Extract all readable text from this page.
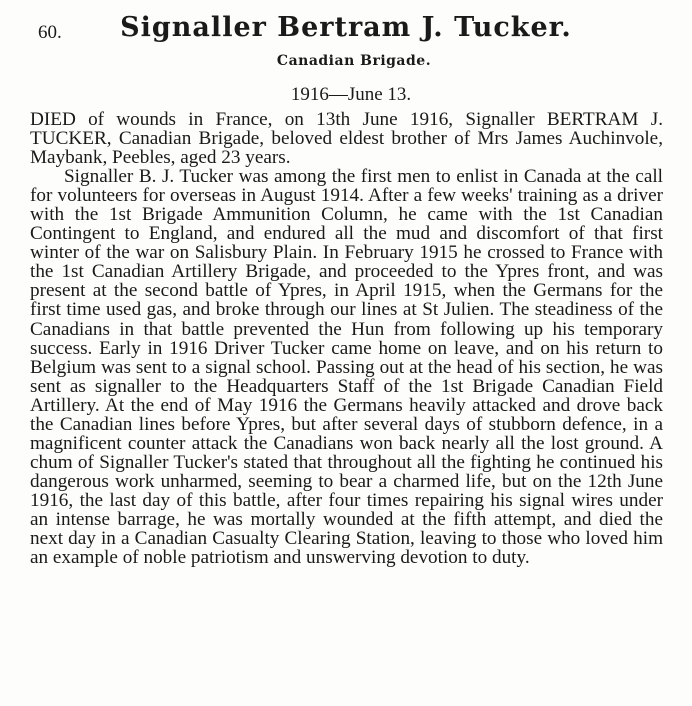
60.	Signaller Bertram J. Tucker.
Canadian Brigade.
1916—June 13.

DIED of wounds in France, on 13th June 1916, Signaller BERTRAM J. TUCKER, Canadian Brigade, beloved eldest brother of Mrs James Auchinvole, Maybank, Peebles, aged 23 years.

Signaller B. J. Tucker was among the first men to enlist in Canada at the call for volunteers for overseas in August 1914. After a few weeks' training as a driver with the 1st Brigade Ammunition Column, he came with the 1st Canadian Contingent to England, and endured all the mud and discomfort of that first winter of the war on Salisbury Plain. In February 1915 he crossed to France with the 1st Canadian Artillery Brigade, and proceeded to the Ypres front, and was present at the second battle of Ypres, in April 1915, when the Germans for the first time used gas, and broke through our lines at St Julien. The steadiness of the Canadians in that battle prevented the Hun from following up his temporary success. Early in 1916 Driver Tucker came home on leave, and on his return to Belgium was sent to a signal school. Passing out at the head of his section, he was sent as signaller to the Headquarters Staff of the 1st Brigade Canadian Field Artillery. At the end of May 1916 the Germans heavily attacked and drove back the Canadian lines before Ypres, but after several days of stubborn defence, in a magnificent counter attack the Canadians won back nearly all the lost ground. A chum of Signaller Tucker's stated that throughout all the fighting he continued his dangerous work unharmed, seeming to bear a charmed life, but on the 12th June 1916, the last day of this battle, after four times repairing his signal wires under an intense barrage, he was mortally wounded at the fifth attempt, and died the next day in a Canadian Casualty Clearing Station, leaving to those who loved him an example of noble patriotism and unswerving devotion to duty.
